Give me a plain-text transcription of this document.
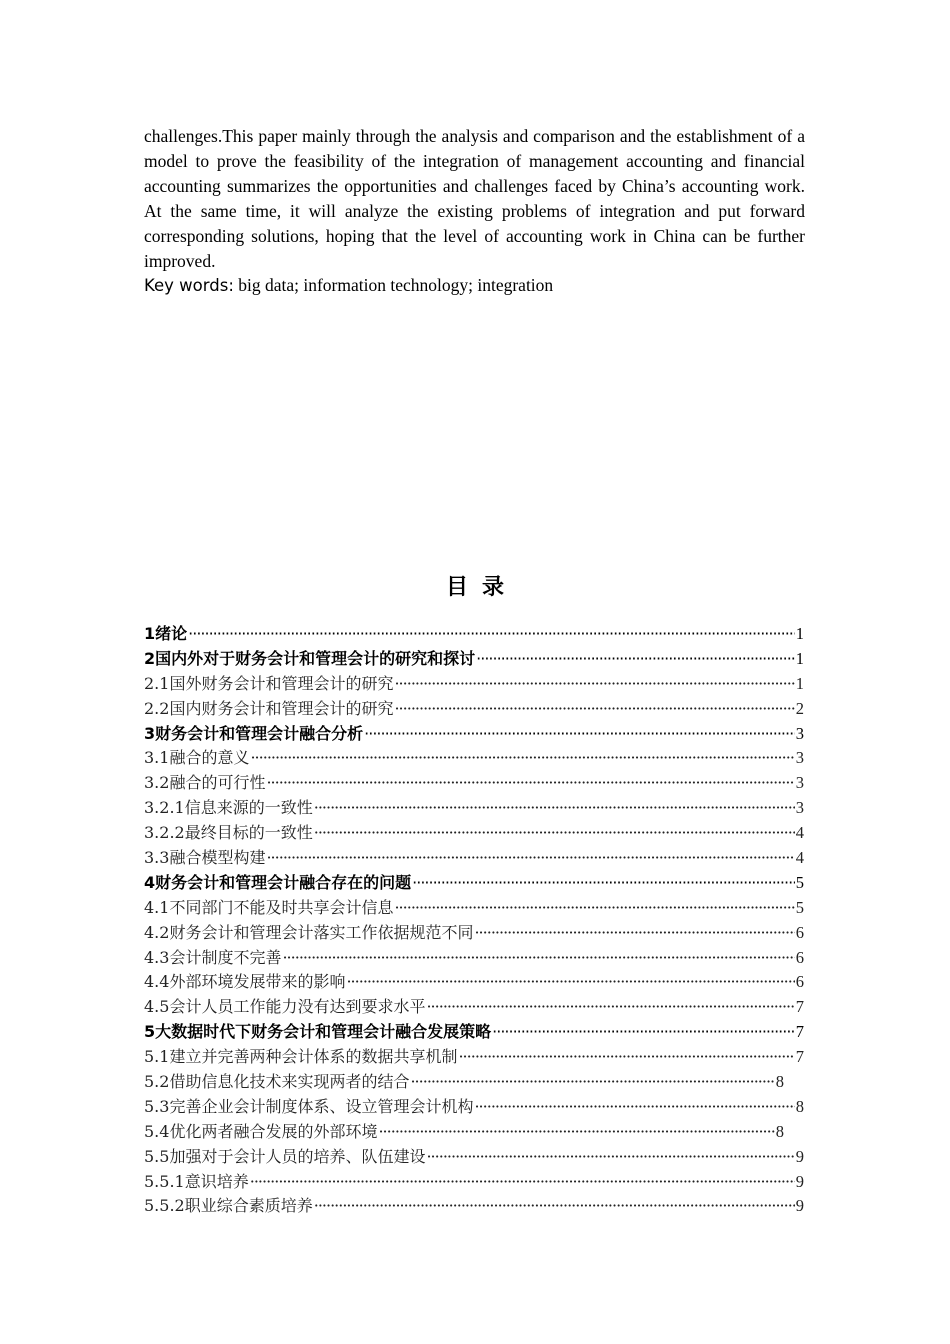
challenges.This paper mainly through the analysis and comparison and the establishment of a model to prove the feasibility of the integration of management accounting and financial accounting summarizes the opportunities and challenges faced by China’s accounting work. At the same time, it will analyze the existing problems of integration and put forward corresponding solutions, hoping that the level of accounting work in China can be further improved.

Key words: big data; information technology; integration

目录
1 绪论 ·····	1
2 国内外对于财务会计和管理会计的研究和探讨 ·····	1
2.1 国外财务会计和管理会计的研究 ·····	1
2.2 国内财务会计和管理会计的研究 ·····	2
3 财务会计和管理会计融合分析 ·····	3
3.1 融合的意义 ·····	3
3.2 融合的可行性 ·····	3
3.2.1 信息来源的一致性 ·····	3
3.2.2 最终目标的一致性 ·····	4
3.3 融合模型构建 ·····	4
4 财务会计和管理会计融合存在的问题 ·····	5
4.1 不同部门不能及时共享会计信息 ·····	5
4.2 财务会计和管理会计落实工作依据规范不同 ·····	6
4.3 会计制度不完善 ·····	6
4.4 外部环境发展带来的影响 ·····	6
4.5 会计人员工作能力没有达到要求水平 ·····	7
5 大数据时代下财务会计和管理会计融合发展策略 ·····	7
5.1 建立并完善两种会计体系的数据共享机制 ·····	7
5.2 借助信息化技术来实现两者的结合 ·····	8
5.3 完善企业会计制度体系、设立管理会计机构 ·····	8
5.4 优化两者融合发展的外部环境 ·····	8
5.5 加强对于会计人员的培养、队伍建设 ·····	9
5.5.1 意识培养 ·····	9
5.5.2 职业综合素质培养 ·····	9
